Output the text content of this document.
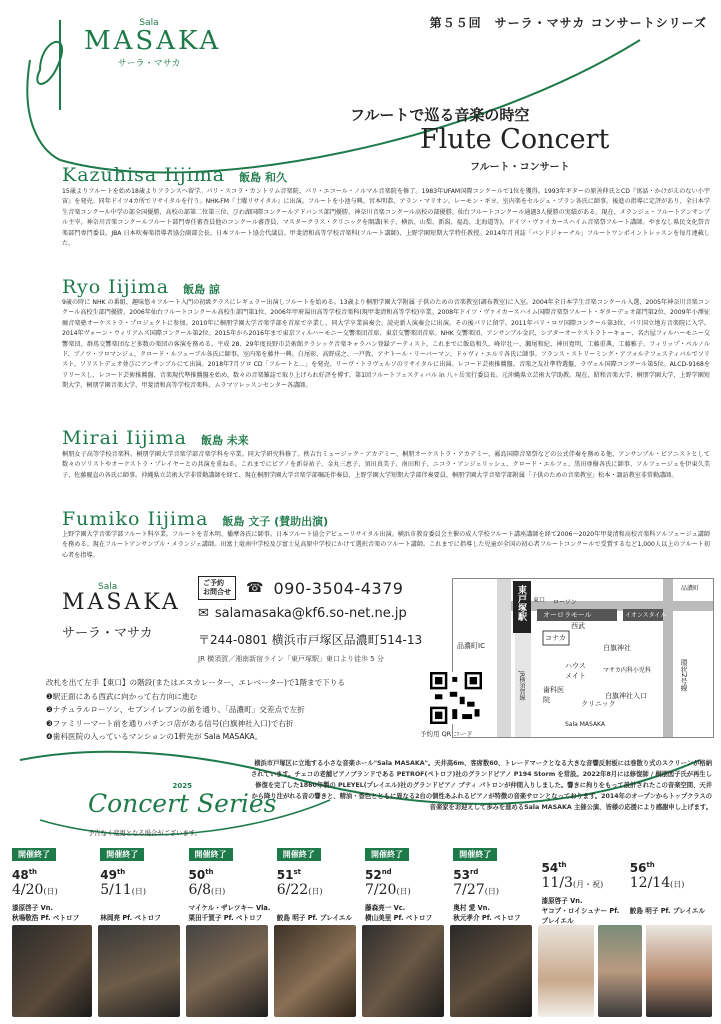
第５５回　サーラ・マサカ コンサートシリーズ
Sala
MASAKA
サーラ・マサカ
フルートで巡る音楽の時空
Flute Concert
フルート・コンサート
Kazuhisa Iijima 飯島 和久
15歳よりフルートを始め18歳よりフランスへ留学。パリ・スコラ・カントリム音楽院、パリ・エコール・ノルマル音楽院を修了。1983年UFAM国際コンクールで1位を獲得。1993年ギターの原善伸氏とCD『寓話・かけがえのない小宇宙』を発売。同年ドイツ4カ所でリサイタルを行う。NHK-FM『土曜リサイタル』に出演。フルートを小池与興、宮本明恭、アラン・マリオン、レーモン・ギヨ、室内楽をセルジュ・ブラン各氏に師事。後進の指導に定評があり、全日本学生音楽コンクール中学の部全国優勝、高校の部第二位第三位、びわ湖国際コンクールアドバンス部門優勝、神奈川音楽コンクール高校の部優勝、仙台フルートコンクール通過3人優勝の実績がある。現在、メランジェ・フルートアンサンブル主宰。神奈川音楽コンクールフルート部門専任審査員他のコンクール審査員、マスタークラス・クリニックを開講(米子、横浜、山梨、新潟、福島、北海道等)。ドイツ・ヴァイカースハイム音楽祭フルート講師。やまなし県民文化祭音楽部門専門委員。JBA 日本吹奏楽指導者協会副部会長。日本フルート協会代議員。甲斐清和高等学校音楽科(フルート講師)、上野学園短期大学特任教授。2014年月刊誌「バンドジャーナル」フルートワンポイントレッスンを毎月連載した。
Ryo Iijima 飯島 諒
9歳の時に NHK の番組、趣味悠々フルート入門の初級クラスにレギュラー出演しフルートを始める。13歳より桐朋学園大学附属 子供のための音楽教室(調布教室)に入室。2004年全日本学生音楽コンクール入選、2005年神奈川音楽コンクール高校生部門優勝、2006年仙台フルートコンクール高校生部門第1位、2006年甲府湯田高等学校音楽科(現甲斐清和高等学校)卒業。2008年ドイツ・ヴァイカースハイム国際音楽祭フルート・ギターデュオ部門第2位、2009年小澤征爾音楽塾オーケストラ・プロジェクトに参加。2010年に桐朋学園大学音楽学部を首席で卒業し、同大学卒業演奏会、読売新人演奏会に出演。その後パリに留学。2011年パリ・ロワ国際コンクール第3位、パリ国立地方音楽院に入学。2014年ヴォーン・ウィリアムズ国際コンクール第2位。2015年から2016年まで東京フィルハーモニー交響楽団首席、東京交響楽団首席。NHK 交響楽団、アンサンブル金沢、シアターオーケストラトーキョー、名古屋フィルハーモニー交響楽団、群馬交響楽団など多数の楽団の客演を務める。平成 28、29年度長野市芸術館クラシック音楽キャラバン登録アーティスト。これまでに飯島和久、峰岸壮一、瀬尾和紀、神田寛明、工藤重典、工藤雅子、フィリップ・ベルノルド、ブノワ・フロマンジュ、クロード・ルフェーブル各氏に師事。室内楽を藤井一興、白尾彰、高野成之、一戸敦、アナトール・リーバーマン、ドゥヴィ・エルリ各氏に師事。フランス・ストリーミング・アフォルテフェスティバルでソリスト、ソリストデュオ並びにアンサンブルにて出演。2018年7月ソロ CD「フルートと...」を発売。リーヴ・トラヴェルソのリサイタルに出演。レコード芸術推薦盤。音楽之友社準特選盤、ラヴェル国際コンクール第5位。ALCD-9168をリリースし、レコード芸術推薦盤、音楽現代準推薦盤を始め、数々の音楽雑誌で取り上げられ好評を博す。第1回フルートフェスティバル in 八ヶ岳実行委員長。元沖縄県立芸術大学助教。現在、昭和音楽大学、桐朋学園大学、上野学園短期大学、桐朋学園音楽大学、甲斐清和高等学校音楽科、ムラマツレッスンセンター各講師。
Mirai Iijima 飯島 未来
桐朋女子高等学校音楽科、桐朋学園大学音楽学部音楽学科を卒業。同大学研究科修了。秩吉台ミュージック・アカデミー、桐朋オーケストラ・アカデミー、霧島国際音楽祭などの公式伴奏を務める他、アンサンブル・ピアニストとして数々のソリストやオーケストラ・プレイヤーとの共演を重ねる。これまでにピアノを新谷祐子、金丸三恵子、須田真美子、南田和子、ニコラ・アンジェリッシュ、クロード・エルフェ、黒田亜樹各氏に師事、ソルフェージュを伊東久美子、佐藤慶直の各氏に師事。沖縄県立芸術大学非常勤講師を経て、現在桐朋学園大学音楽学部嘱託伴奏員、上野学園大学短期大学部伴奏要員、桐朋学園大学音楽学部附属「子供のための音楽教室」松本・諏訪教室非常勤講師。
Fumiko Iijima 飯島 文子 (賛助出演)
上野学園大学音楽学部フルート科卒業。フルートを青木明、播摩各氏に師事。日本フルート協会デビューリサイタル出演。横浜市教育委員会主催の成人学校フルート講座講師を経て2006〜2020年甲斐清和高校音楽科ソルフェージュ講師を務める。現在フルートアンサンブル・メランジェ講師。田富土竜南中学校及び富士見高原中学校にかけて選択音楽のフルート講師。これまでに指導した児童が全国の初心者フルートコンクールで受賞するなど1,000人以上のフルート初心者を指導。
Sala
MASAKA
サーラ・マサカ
ご予約
お問合せ	☎ 090-3504-4379
✉ salamasaka@kf6.so-net.ne.jp
〒244-0801 横浜市戸塚区品濃町514-13
JR 横須賀／湘南新宿ライン「東戸塚駅」東口より徒歩 5 分
東戸塚駅 オーロラモール
西武
イオンスタイル
環状2号線
コナカ
品濃町IC	白旗神社
ハウスメイト
マサカ内科小児科
歯科医院
Sala MASAKA
クリニック
白旗神社入口
ローソン
品濃町
JR横須賀線
東口
予約用 QR コード
改札を出て左手【東口】の階段(またはエスカレーター、エレベーター)で1階まで下りる
❶駅正面にある西武に向かって右方向に進む
❷ナチュラルローソン、セブンイレブンの前を通り、「品濃町」交差点で左折
❸ファミリーマート前を通りパチンコ店がある信号(白旗神社入口)で右折
❹歯科医院の入っているマンションの1軒先が Sala MASAKA。
横浜市戸塚区に立地する小さな音楽ホール"Sala MASAKA"。天井高6m、客席数60、トレードマークとなる大きな音響反射板には巻散り式のスクリーンが格納されています。チェコの老舗ピアノブランドである PETROF(ペトロフ)社のグランドピアノ P194 Storm を常設。2022年8月には修復師 / 桐朋図子氏が再生し修復を完了した1860年製の PLEYEL(プレイエル)社のグランドピアノ ブティ パトロンが仲間入りしました。響きに拘りをもって設計されたこの音楽空間、天井から降り注がれる音の響きと、精油・香色とともに異なる2台の個性あふれるピアノが特徴の音楽サロンとなっております。2014年のオープンからトップクラスの音楽家をお迎えして歩みを進めるSala MASAKA 主催公演、皆様の応援により感謝申し上げます。
2025
Concert Series
予告なく変更となる場合がございます。
開催終了
48th
4/20(日)
漆原啓子 Vn.
秋場敬浩 Pf. ペトロフ
開催終了
49th
5/11(日)

林岡亮 Pf. ペトロフ
開催終了
50th
6/8(日)
マイケル・ザレツキー Vla.
栗田千賀子 Pf. ペトロフ
開催終了
51st
6/22(日)

鮫島 明子 Pf. プレイエル
開催終了
52nd
7/20(日)
藤森亮一 Vc.
横山美里 Pf. ペトロフ
開催終了
53rd
7/27(日)
奥村 愛 Vn.
秋元孝介 Pf. ペトロフ
54th
11/3(月・祝)
漆原啓子 Vn.
ヤコブ・ロイシュナー Pf. プレイエル
56th
12/14(日)

鮫島 明子 Pf. プレイエル
